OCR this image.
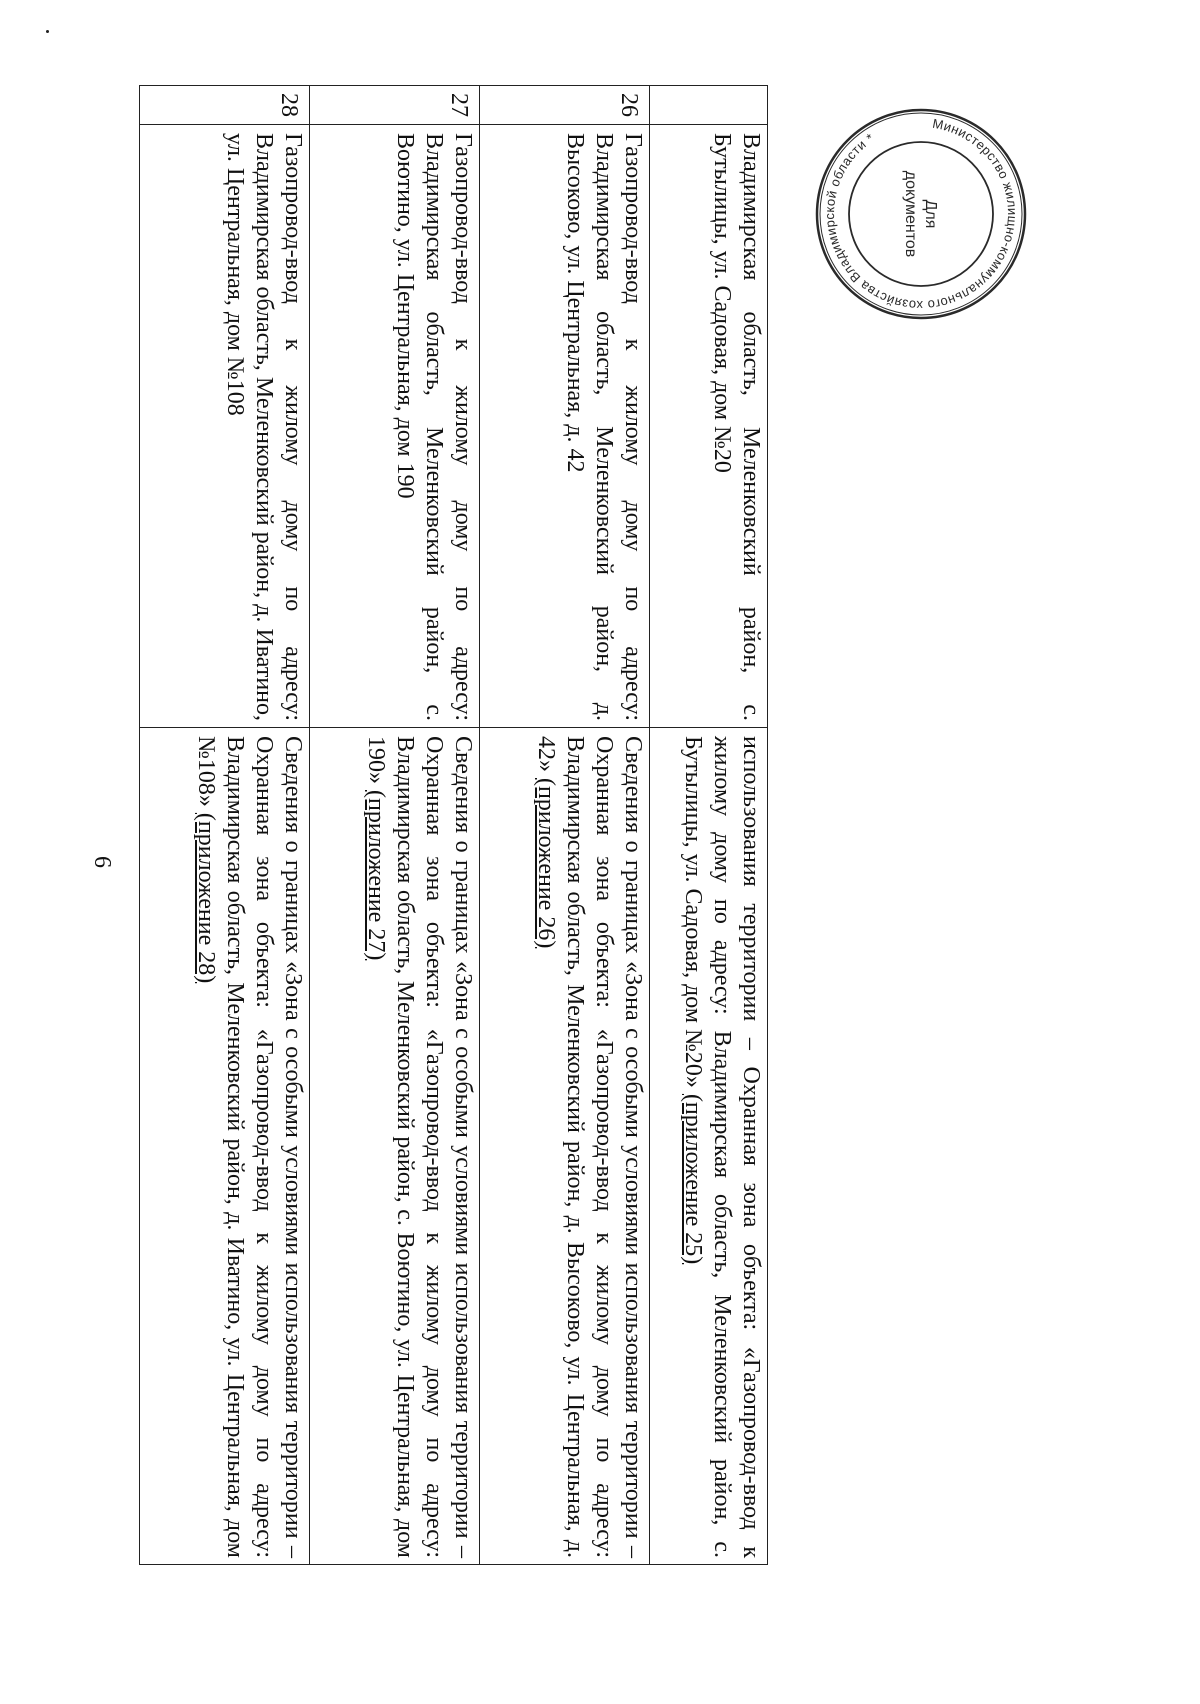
6
	Владимирская область, Меленковский район, с. Бутылицы, ул. Садовая, дом №20	использования территории – Охранная зона объекта: «Газопровод-ввод к жилому дому по адресу: Владимирская область, Меленковский район, с. Бутылицы, ул. Садовая, дом №20» (приложение 25)
26	Газопровод-ввод к жилому дому по адресу: Владимирская область, Меленковский район, д. Высоково, ул. Центральная, д. 42	Сведения о границах «Зона с особыми условиями использования территории – Охранная зона объекта: «Газопровод-ввод к жилому дому по адресу: Владимирская область, Меленковский район, д. Высоково, ул. Центральная, д. 42» (приложение 26)
27	Газопровод-ввод к жилому дому по адресу: Владимирская область, Меленковский район, с. Воютино, ул. Центральная, дом 190	Сведения о границах «Зона с особыми условиями использования территории – Охранная зона объекта: «Газопровод-ввод к жилому дому по адресу: Владимирская область, Меленковский район, с. Воютино, ул. Центральная, дом 190» (приложение 27)
28	Газопровод-ввод к жилому дому по адресу: Владимирская область, Меленковский район, д. Иватино, ул. Центральная, дом №108	Сведения о границах «Зона с особыми условиями использования территории – Охранная зона объекта: «Газопровод-ввод к жилому дому по адресу: Владимирская область, Меленковский район, д. Иватино, ул. Центральная, дом №108» (приложение 28)
Министерство жилищно-коммунального хозяйства Владимирской области *
Для
документов
